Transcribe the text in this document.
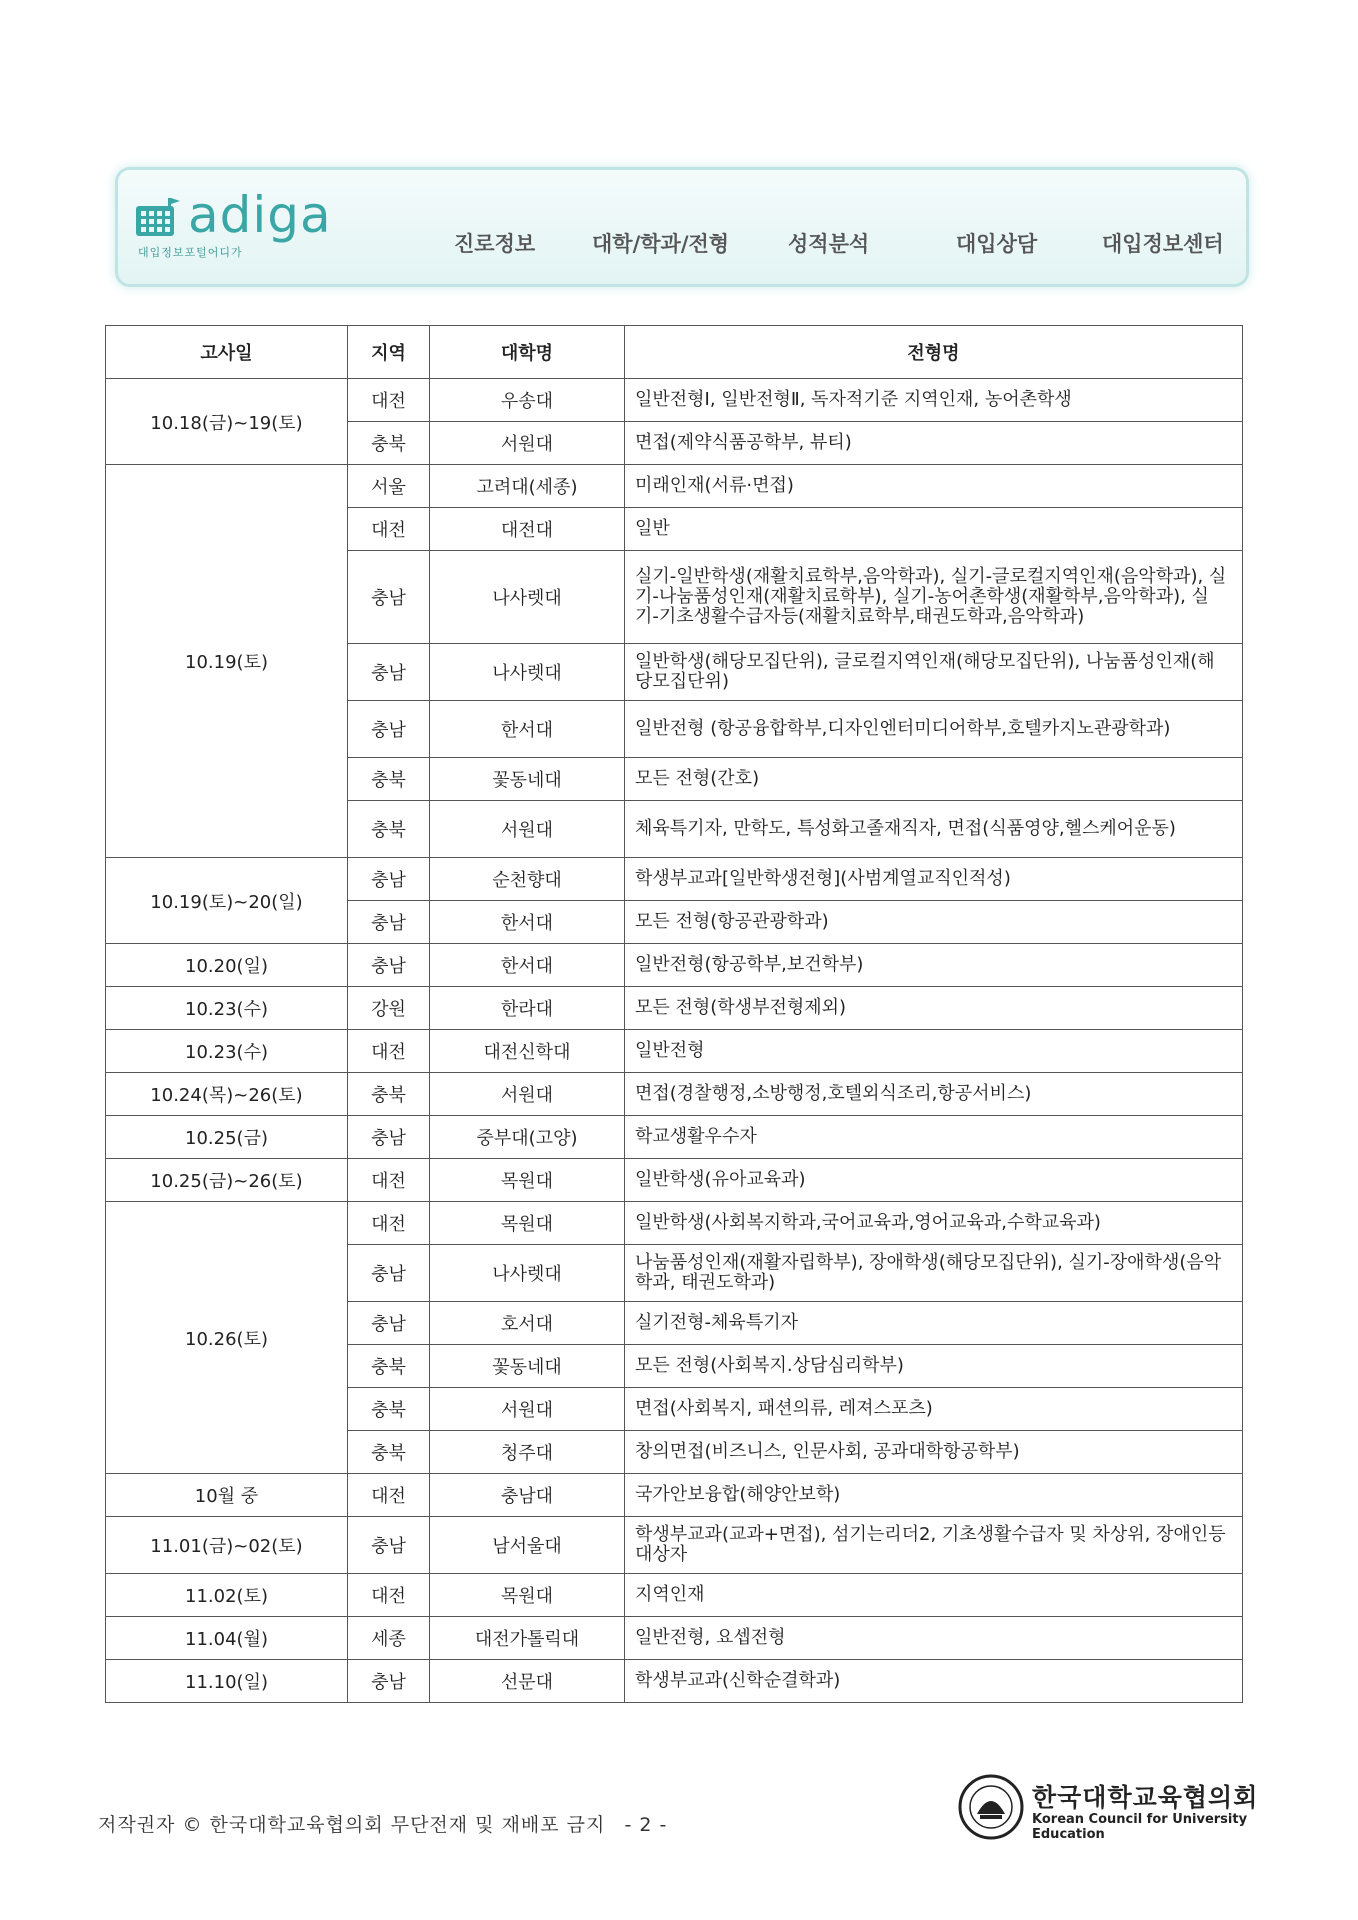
adiga
대입정보포털어디가	진로정보	대학/학과/전형	성적분석	대입상담	대입정보센터
고사일	지역	대학명	전형명
10.18(금)~19(토)	대전	우송대	일반전형Ⅰ, 일반전형Ⅱ, 독자적기준 지역인재, 농어촌학생
	충북	서원대	면접(제약식품공학부, 뷰티)
10.19(토)	서울	고려대(세종)	미래인재(서류·면접)
	대전	대전대	일반
	충남	나사렛대	실기-일반학생(재활치료학부,음악학과), 실기-글로컬지역인재(음악학과), 실기-나눔품성인재(재활치료학부), 실기-농어촌학생(재활학부,음악학과), 실기-기초생활수급자등(재활치료학부,태권도학과,음악학과)
	충남	나사렛대	일반학생(해당모집단위), 글로컬지역인재(해당모집단위), 나눔품성인재(해당모집단위)
	충남	한서대	일반전형 (항공융합학부,디자인엔터미디어학부,호텔카지노관광학과)
	충북	꽃동네대	모든 전형(간호)
	충북	서원대	체육특기자, 만학도, 특성화고졸재직자, 면접(식품영양,헬스케어운동)
10.19(토)~20(일)	충남	순천향대	학생부교과[일반학생전형](사범계열교직인적성)
	충남	한서대	모든 전형(항공관광학과)
10.20(일)	충남	한서대	일반전형(항공학부,보건학부)
10.23(수)	강원	한라대	모든 전형(학생부전형제외)
10.23(수)	대전	대전신학대	일반전형
10.24(목)~26(토)	충북	서원대	면접(경찰행정,소방행정,호텔외식조리,항공서비스)
10.25(금)	충남	중부대(고양)	학교생활우수자
10.25(금)~26(토)	대전	목원대	일반학생(유아교육과)
10.26(토)	대전	목원대	일반학생(사회복지학과,국어교육과,영어교육과,수학교육과)
	충남	나사렛대	나눔품성인재(재활자립학부), 장애학생(해당모집단위), 실기-장애학생(음악학과, 태권도학과)
	충남	호서대	실기전형-체육특기자
	충북	꽃동네대	모든 전형(사회복지.상담심리학부)
	충북	서원대	면접(사회복지, 패션의류, 레져스포츠)
	충북	청주대	창의면접(비즈니스, 인문사회, 공과대학항공학부)
10월 중	대전	충남대	국가안보융합(해양안보학)
11.01(금)~02(토)	충남	남서울대	학생부교과(교과+면접), 섬기는리더2, 기초생활수급자 및 차상위, 장애인등 대상자
11.02(토)	대전	목원대	지역인재
11.04(월)	세종	대전가톨릭대	일반전형, 요셉전형
11.10(일)	충남	선문대	학생부교과(신학순결학과)
저작권자 © 한국대학교육협의회 무단전재 및 재배포 금지 - 2 -
한국대학교육협의회
Korean Council for University Education
